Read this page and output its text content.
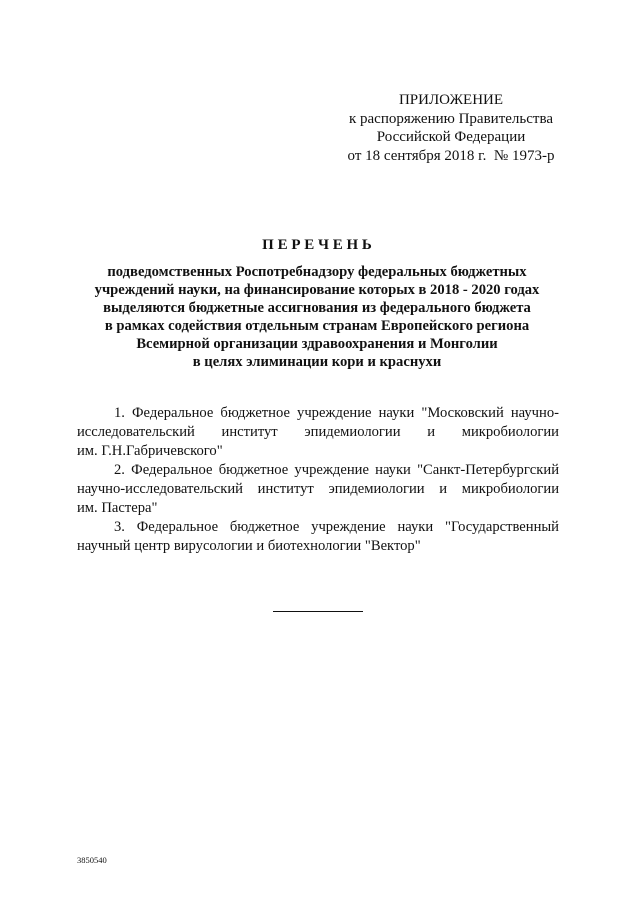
ПРИЛОЖЕНИЕ
к распоряжению Правительства
Российской Федерации
от 18 сентября 2018 г.  № 1973-р
П Е Р Е Ч Е Н Ь
подведомственных Роспотребнадзору федеральных бюджетных
учреждений науки, на финансирование которых в 2018 - 2020 годах
выделяются бюджетные ассигнования из федерального бюджета
в рамках содействия отдельным странам Европейского региона
Всемирной организации здравоохранения и Монголии
в целях элиминации кори и краснухи

1. Федеральное бюджетное учреждение науки "Московский научно-исследовательский институт эпидемиологии и микробиологии им. Г.Н.Габричевского"

2. Федеральное бюджетное учреждение науки "Санкт-Петербургский научно-исследовательский институт эпидемиологии и микробиологии им. Пастера"

3. Федеральное бюджетное учреждение науки "Государственный научный центр вирусологии и биотехнологии "Вектор"

3850540
